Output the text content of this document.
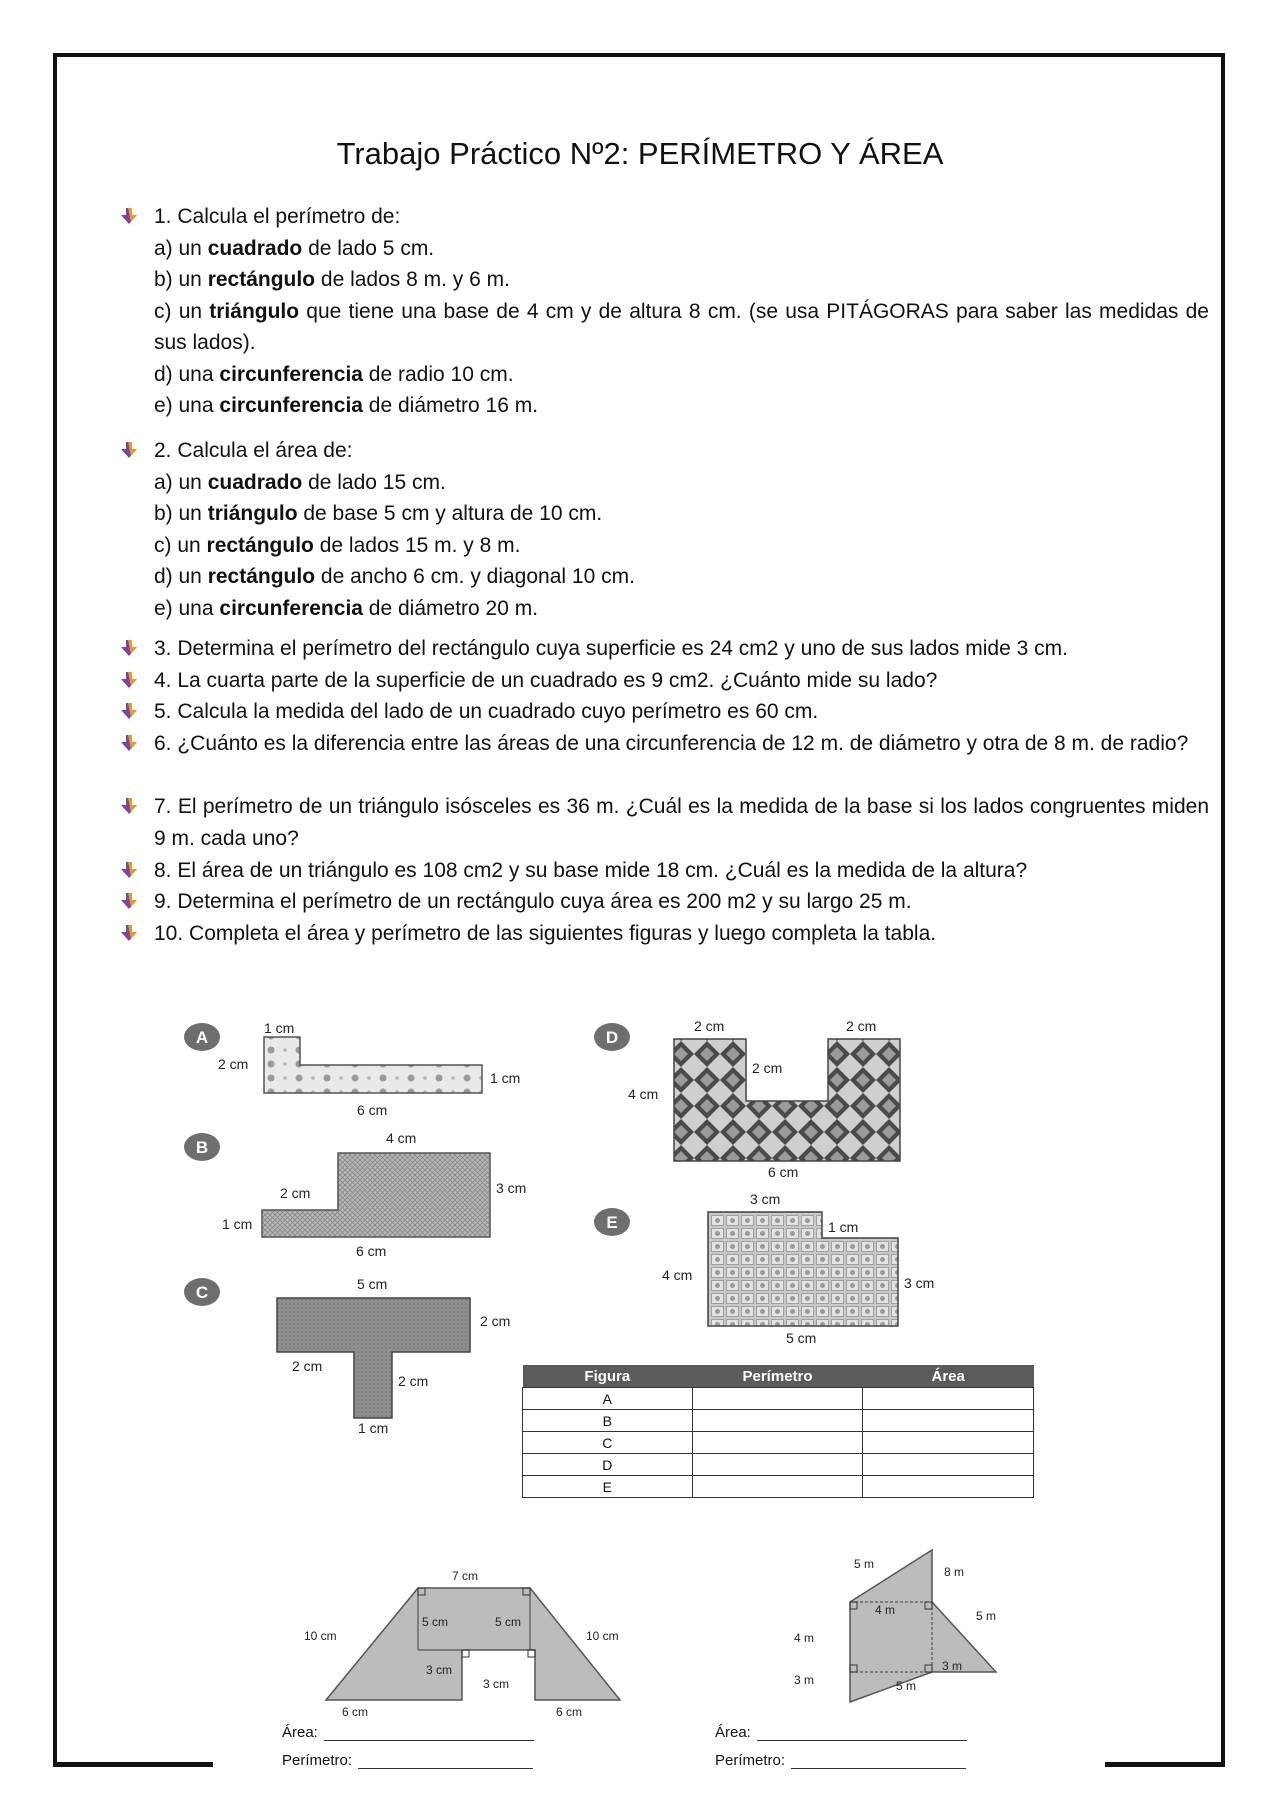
Trabajo Práctico Nº2: PERÍMETRO Y ÁREA
1. Calcula el perímetro de:
a) un cuadrado de lado 5 cm.
b) un rectángulo de lados 8 m. y 6 m.
c) un triángulo que tiene una base de 4 cm y de altura 8 cm. (se usa PITÁGORAS para saber las medidas de sus lados).
d) una circunferencia de radio 10 cm.
e) una circunferencia de diámetro 16 m.
2. Calcula el área de:
a) un cuadrado de lado 15 cm.
b) un triángulo de base 5 cm y altura de 10 cm.
c) un rectángulo de lados 15 m. y 8 m.
d) un rectángulo de ancho 6 cm. y diagonal 10 cm.
e) una circunferencia de diámetro 20 m.
3. Determina el perímetro del rectángulo cuya superficie es 24 cm2 y uno de sus lados mide 3 cm.
4. La cuarta parte de la superficie de un cuadrado es 9 cm2. ¿Cuánto mide su lado?
5. Calcula la medida del lado de un cuadrado cuyo perímetro es 60 cm.
6. ¿Cuánto es la diferencia entre las áreas de una circunferencia de 12 m. de diámetro y otra de 8 m. de radio?
7. El perímetro de un triángulo isósceles es 36 m. ¿Cuál es la medida de la base si los lados congruentes miden 9 m. cada uno?
8. El área de un triángulo es 108 cm2 y su base mide 18 cm. ¿Cuál es la medida de la altura?
9. Determina el perímetro de un rectángulo cuya área es 200 m2 y su largo 25 m.
10. Completa el área y perímetro de las siguientes figuras y luego completa la tabla.
A	1 cm
2 cm
1 cm
6 cm
B	4 cm
3 cm
2 cm
1 cm
6 cm
C	5 cm
2 cm
2 cm
2 cm
1 cm
D
2 cm	2 cm
2 cm
4 cm
6 cm
E
3 cm
1 cm
4 cm	3 cm
5 cm
Figura	Perímetro	Área
A		
B		
C		
D		
E		
7 cm
5 cm	5 cm
10 cm	10 cm
3 cm
3 cm
6 cm	6 cm
5 m
8 m
4 m	5 m
4 m
3 m
3 m
5 m
Área:
Perímetro:
Área:
Perímetro:
